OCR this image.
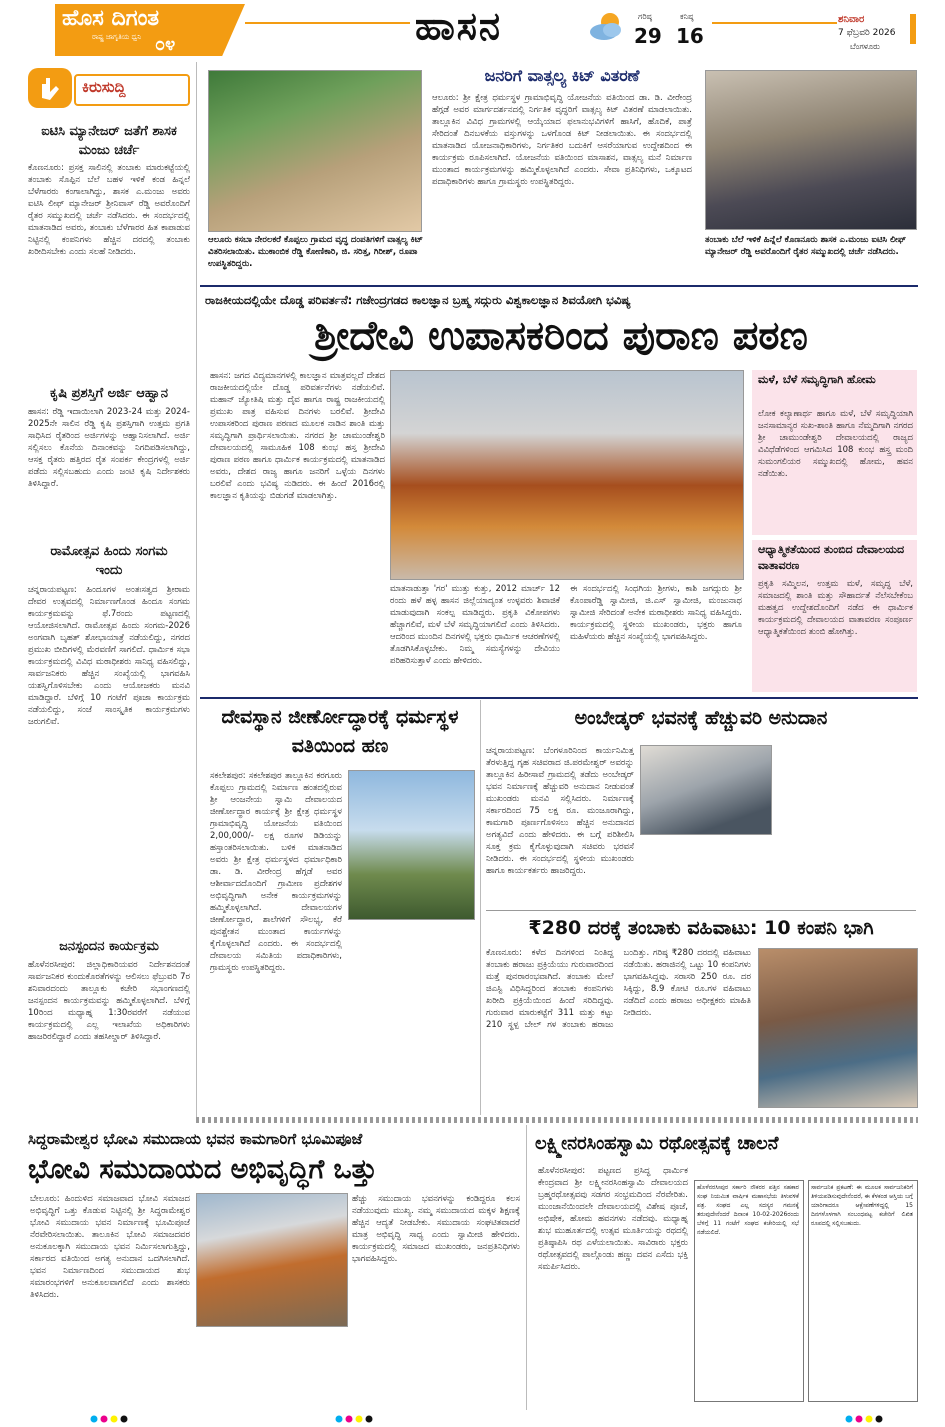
ಹೊಸ ದಿಗಂತ
ರಾಷ್ಟ್ರ ಜಾಗೃತಿಯ ಧ್ವನಿ ೦೪	ಹಾಸನ	ಗರಿಷ್ಠ
29
ಕನಿಷ್ಠ
16
ಶನಿವಾರ
7 ಫೆಬ್ರವರಿ 2026
ಬೆಂಗಳೂರು
ಕಿರುಸುದ್ದಿ
ಐಟಿಸಿ ಮ್ಯಾನೇಜರ್ ಜತೆಗೆ ಶಾಸಕ ಮಂಜು ಚರ್ಚೆ
ಕೊಣನೂರು: ಪ್ರಸಕ್ತ ಸಾಲಿನಲ್ಲಿ ತಂಬಾಕು ಮಾರುಕಟ್ಟೆಯಲ್ಲಿ ತಂಬಾಕು ಸೊಪ್ಪಿನ ಬೆಲೆ ಬಹಳ ಇಳಿಕೆ ಕಂಡ ಹಿನ್ನಲೆ ಬೆಳೆಗಾರರು ಕಂಗಾಲಾಗಿದ್ದು, ಶಾಸಕ ಎ.ಮಂಜು ಅವರು ಐಟಿಸಿ ಲೀಫ್ ಮ್ಯಾನೇಜರ್ ಶ್ರೀನಿವಾಸ್ ರೆಡ್ಡಿ ಅವರೊಂದಿಗೆ ರೈತರ ಸಮ್ಮುಖದಲ್ಲಿ ಚರ್ಚೆ ನಡೆಸಿದರು. ಈ ಸಂದರ್ಭದಲ್ಲಿ ಮಾತನಾಡಿದ ಅವರು, ತಂಬಾಕು ಬೆಳೆಗಾರರ ಹಿತ ಕಾಪಾಡುವ ನಿಟ್ಟಿನಲ್ಲಿ ಕಂಪನಿಗಳು ಹೆಚ್ಚಿನ ದರದಲ್ಲಿ ತಂಬಾಕು ಖರೀದಿಸಬೇಕು ಎಂದು ಸಲಹೆ ನೀಡಿದರು.
ಕೃಷಿ ಪ್ರಶಸ್ತಿಗೆ ಅರ್ಜಿ ಆಹ್ವಾನ
ಹಾಸನ: ರೆಡ್ಡಿ ಇದಾಯಿಲಾಗಿ 2023-24 ಮತ್ತು 2024-2025ನೇ ಸಾಲಿನ ರೆಡ್ಡಿ ಕೃಷಿ ಪ್ರಶಸ್ತಿಗಾಗಿ ಉತ್ತಮ ಪ್ರಗತಿ ಸಾಧಿಸಿದ ರೈತರಿಂದ ಅರ್ಜಿಗಳನ್ನು ಆಹ್ವಾನಿಸಲಾಗಿದೆ. ಅರ್ಜಿ ಸಲ್ಲಿಸಲು ಕೊನೆಯ ದಿನಾಂಕವನ್ನು ನಿಗದಿಪಡಿಸಲಾಗಿದ್ದು, ಆಸಕ್ತ ರೈತರು ಹತ್ತಿರದ ರೈತ ಸಂಪರ್ಕ ಕೇಂದ್ರಗಳಲ್ಲಿ ಅರ್ಜಿ ಪಡೆದು ಸಲ್ಲಿಸಬಹುದು ಎಂದು ಜಂಟಿ ಕೃಷಿ ನಿರ್ದೇಶಕರು ತಿಳಿಸಿದ್ದಾರೆ.
ರಾಮೋತ್ಸವ ಹಿಂದು ಸಂಗಮ ಇಂದು
ಚನ್ನರಾಯಪಟ್ಟಣ: ಹಿಂದೂಗಳ ಅಂತಃಸತ್ವದ ಶ್ರೀರಾಮ ದೇವರ ಉತ್ಸವದಲ್ಲಿ ನಿರ್ಮಾಣಗೊಂಡ ಹಿಂದೂ ಸಂಗಮ ಕಾರ್ಯಕ್ರಮವನ್ನು ಫೆ.7ರಂದು ಪಟ್ಟಣದಲ್ಲಿ ಆಯೋಜಿಸಲಾಗಿದೆ. ರಾಮೋತ್ಸವ ಹಿಂದು ಸಂಗಮ-2026 ಅಂಗವಾಗಿ ಬೃಹತ್ ಶೋಭಾಯಾತ್ರೆ ನಡೆಯಲಿದ್ದು, ನಗರದ ಪ್ರಮುಖ ಬೀದಿಗಳಲ್ಲಿ ಮೆರವಣಿಗೆ ಸಾಗಲಿದೆ. ಧಾರ್ಮಿಕ ಸಭಾ ಕಾರ್ಯಕ್ರಮದಲ್ಲಿ ವಿವಿಧ ಮಠಾಧೀಶರು ಸಾನಿಧ್ಯ ವಹಿಸಲಿದ್ದು, ಸಾರ್ವಜನಿಕರು ಹೆಚ್ಚಿನ ಸಂಖ್ಯೆಯಲ್ಲಿ ಭಾಗವಹಿಸಿ ಯಶಸ್ವಿಗೊಳಿಸಬೇಕು ಎಂದು ಆಯೋಜಕರು ಮನವಿ ಮಾಡಿದ್ದಾರೆ. ಬೆಳಿಗ್ಗೆ 10 ಗಂಟೆಗೆ ಪೂಜಾ ಕಾರ್ಯಕ್ರಮ ನಡೆಯಲಿದ್ದು, ಸಂಜೆ ಸಾಂಸ್ಕೃತಿಕ ಕಾರ್ಯಕ್ರಮಗಳು ಜರುಗಲಿವೆ.
ಜನಸ್ಪಂದನ ಕಾರ್ಯಕ್ರಮ
ಹೊಳೆನರಸೀಪುರ: ಜಿಲ್ಲಾಧಿಕಾರಿಯವರ ನಿರ್ದೇಶನದಂತೆ ಸಾರ್ವಜನಿಕರ ಕುಂದುಕೊರತೆಗಳನ್ನು ಆಲಿಸಲು ಫೆಬ್ರುವರಿ 7ರ ಶನಿವಾರದಂದು ತಾಲ್ಲೂಕು ಕಚೇರಿ ಸಭಾಂಗಣದಲ್ಲಿ ಜನಸ್ಪಂದನ ಕಾರ್ಯಕ್ರಮವನ್ನು ಹಮ್ಮಿಕೊಳ್ಳಲಾಗಿದೆ. ಬೆಳಿಗ್ಗೆ 10ರಿಂದ ಮಧ್ಯಾಹ್ನ 1:30ರವರೆಗೆ ನಡೆಯುವ ಕಾರ್ಯಕ್ರಮದಲ್ಲಿ ಎಲ್ಲ ಇಲಾಖೆಯ ಅಧಿಕಾರಿಗಳು ಹಾಜರಿರಲಿದ್ದಾರೆ ಎಂದು ತಹಸೀಲ್ದಾರ್ ತಿಳಿಸಿದ್ದಾರೆ.
ಆಲೂರು ಕಸಬಾ ನೇರಲಕರೆ ಕೊಪ್ಪಲು ಗ್ರಾಮದ ವೃದ್ಧ ದಂಪತಿಗಳಿಗೆ ವಾತ್ಸಲ್ಯ ಕಿಟ್ ವಿತರಿಸಲಾಯಿತು. ಮುಕಾಂಬಿಕ ರೆಡ್ಡಿ ಕೋಣಿಕಾರಿ, ಜಿ. ಸರಿತ್ತ, ಗಿರೀಶ್, ರೂಪಾ ಉಪಸ್ಥಿತರಿದ್ದರು.
ಜನರಿಗೆ ವಾತ್ಸಲ್ಯ ಕಿಟ್ ವಿತರಣೆ
ಆಲೂರು: ಶ್ರೀ ಕ್ಷೇತ್ರ ಧರ್ಮಸ್ಥಳ ಗ್ರಾಮಾಭಿವೃದ್ಧಿ ಯೋಜನೆಯ ವತಿಯಿಂದ ಡಾ. ಡಿ. ವೀರೇಂದ್ರ ಹೆಗ್ಗಡೆ ಅವರ ಮಾರ್ಗದರ್ಶನದಲ್ಲಿ ನಿರ್ಗತಿಕ ವೃದ್ಧರಿಗೆ ವಾತ್ಸಲ್ಯ ಕಿಟ್ ವಿತರಣೆ ಮಾಡಲಾಯಿತು. ತಾಲ್ಲೂಕಿನ ವಿವಿಧ ಗ್ರಾಮಗಳಲ್ಲಿ ಆಯ್ಕೆಯಾದ ಫಲಾನುಭವಿಗಳಿಗೆ ಹಾಸಿಗೆ, ಹೊದಿಕೆ, ಪಾತ್ರೆ ಸೇರಿದಂತೆ ದಿನಬಳಕೆಯ ವಸ್ತುಗಳನ್ನು ಒಳಗೊಂಡ ಕಿಟ್ ನೀಡಲಾಯಿತು. ಈ ಸಂದರ್ಭದಲ್ಲಿ ಮಾತನಾಡಿದ ಯೋಜನಾಧಿಕಾರಿಗಳು, ನಿರ್ಗತಿಕರ ಬದುಕಿಗೆ ಆಸರೆಯಾಗುವ ಉದ್ದೇಶದಿಂದ ಈ ಕಾರ್ಯಕ್ರಮ ರೂಪಿಸಲಾಗಿದೆ. ಯೋಜನೆಯ ವತಿಯಿಂದ ಮಾಸಾಶನ, ವಾತ್ಸಲ್ಯ ಮನೆ ನಿರ್ಮಾಣ ಮುಂತಾದ ಕಾರ್ಯಕ್ರಮಗಳನ್ನು ಹಮ್ಮಿಕೊಳ್ಳಲಾಗಿದೆ ಎಂದರು. ಸೇವಾ ಪ್ರತಿನಿಧಿಗಳು, ಒಕ್ಕೂಟದ ಪದಾಧಿಕಾರಿಗಳು ಹಾಗೂ ಗ್ರಾಮಸ್ಥರು ಉಪಸ್ಥಿತರಿದ್ದರು.
ತಂಬಾಕು ಬೆಲೆ ಇಳಿಕೆ ಹಿನ್ನೆಲೆ ಕೊಣನೂರು ಶಾಸಕ ಎ.ಮಂಜು ಐಟಿಸಿ ಲೀಫ್ ಮ್ಯಾನೇಜರ್ ರೆಡ್ಡಿ ಅವರೊಂದಿಗೆ ರೈತರ ಸಮ್ಮುಖದಲ್ಲಿ ಚರ್ಚೆ ನಡೆಸಿದರು.
ರಾಜಕೀಯದಲ್ಲಿಯೇ ದೊಡ್ಡ ಪರಿವರ್ತನೆ: ಗಜೇಂದ್ರಗಡದ ಕಾಲಜ್ಞಾನ ಬ್ರಹ್ಮ ಸದ್ಗುರು ವಿಶ್ವಕಾಲಜ್ಞಾನ ಶಿವಯೋಗಿ ಭವಿಷ್ಯ
ಶ್ರೀದೇವಿ ಉಪಾಸಕರಿಂದ ಪುರಾಣ ಪಠಣ
ಹಾಸನ: ಜಗದ ವಿದ್ಯಮಾನಗಳಲ್ಲಿ ಕಾಲಜ್ಞಾನ ಮಾತ್ರವಲ್ಲದೆ ದೇಶದ ರಾಜಕೀಯದಲ್ಲಿಯೇ ದೊಡ್ಡ ಪರಿವರ್ತನೆಗಳು ನಡೆಯಲಿವೆ. ಮಹಾನ್ ಜ್ಯೋತಿಷಿ ಮತ್ತು ದೈವ ಹಾಗೂ ರಾಷ್ಟ್ರ ರಾಜಕೀಯದಲ್ಲಿ ಪ್ರಮುಖ ಪಾತ್ರ ವಹಿಸುವ ದಿನಗಳು ಬರಲಿವೆ. ಶ್ರೀದೇವಿ ಉಪಾಸಕರಿಂದ ಪುರಾಣ ಪಠಣದ ಮೂಲಕ ನಾಡಿನ ಶಾಂತಿ ಮತ್ತು ಸಮೃದ್ಧಿಗಾಗಿ ಪ್ರಾರ್ಥಿಸಲಾಯಿತು. ನಗರದ ಶ್ರೀ ಚಾಮುಂಡೇಶ್ವರಿ ದೇವಾಲಯದಲ್ಲಿ ಸಾಮೂಹಿಕ 108 ಕುಂಭ ಹಸ್ತ ಶ್ರೀದೇವಿ ಪುರಾಣ ಪಠಣ ಹಾಗೂ ಧಾರ್ಮಿಕ ಕಾರ್ಯಕ್ರಮದಲ್ಲಿ ಮಾತನಾಡಿದ ಅವರು, ದೇಶದ ರಾಜ್ಯ ಹಾಗೂ ಜನರಿಗೆ ಒಳ್ಳೆಯ ದಿನಗಳು ಬರಲಿವೆ ಎಂದು ಭವಿಷ್ಯ ನುಡಿದರು. ಈ ಹಿಂದೆ 2016ರಲ್ಲಿ ಕಾಲಜ್ಞಾನ ಕೃತಿಯನ್ನು ಬಿಡುಗಡೆ ಮಾಡಲಾಗಿತ್ತು.
ಮಾತನಾಡುತ್ತಾ 'ಗರ' ಮುತ್ತು ಕುತ್ತು, 2012 ಮಾರ್ಚ್ 12 ರಂದು ಹಳೆ ಹಳ್ಳ ಹಾಸನ ಜಿಲ್ಲೆಯಾದ್ಯಂತ ಉಳ್ಳವರು ಶಿವಾಜಿಕೆ ಮಾಡುವುದಾಗಿ ಸಂಕಲ್ಪ ಮಾಡಿದ್ದರು. ಪ್ರಕೃತಿ ವಿಕೋಪಗಳು ಹೆಚ್ಚಾಗಲಿವೆ, ಮಳೆ ಬೆಳೆ ಸಮೃದ್ಧಿಯಾಗಲಿದೆ ಎಂದು ತಿಳಿಸಿದರು. ಆದರಿಂದ ಮುಂದಿನ ದಿನಗಳಲ್ಲಿ ಭಕ್ತರು ಧಾರ್ಮಿಕ ಆಚರಣೆಗಳಲ್ಲಿ ತೊಡಗಿಸಿಕೊಳ್ಳಬೇಕು. ನಿಮ್ಮ ಸಮಸ್ಯೆಗಳನ್ನು ದೇವಿಯು ಪರಿಹರಿಸುತ್ತಾಳೆ ಎಂದು ಹೇಳಿದರು.
ಈ ಸಂದರ್ಭದಲ್ಲಿ ಸಿಂಧಗಿಯ ಶ್ರೀಗಳು, ಕಾಶಿ ಜಗದ್ಗುರು ಶ್ರೀ ಕೊಂಪಾರೆಡ್ಡಿ ಸ್ವಾಮೀಜಿ, ಜಿ.ಎಸ್ ಸ್ವಾಮೀಜಿ, ಮಂಜುನಾಥ ಸ್ವಾಮೀಜಿ ಸೇರಿದಂತೆ ಅನೇಕ ಮಠಾಧೀಶರು ಸಾನಿಧ್ಯ ವಹಿಸಿದ್ದರು. ಕಾರ್ಯಕ್ರಮದಲ್ಲಿ ಸ್ಥಳೀಯ ಮುಖಂಡರು, ಭಕ್ತರು ಹಾಗೂ ಮಹಿಳೆಯರು ಹೆಚ್ಚಿನ ಸಂಖ್ಯೆಯಲ್ಲಿ ಭಾಗವಹಿಸಿದ್ದರು.
ಮಳೆ, ಬೆಳೆ ಸಮೃದ್ಧಿಗಾಗಿ ಹೋಮ
ಲೋಕ ಕಲ್ಯಾಣಾರ್ಥ ಹಾಗೂ ಮಳೆ, ಬೆಳೆ ಸಮೃದ್ಧಿಯಾಗಿ ಜನಸಾಮಾನ್ಯರ ಸುಖ-ಶಾಂತಿ ಹಾಗೂ ನೆಮ್ಮದಿಗಾಗಿ ನಗರದ ಶ್ರೀ ಚಾಮುಂಡೇಶ್ವರಿ ದೇವಾಲಯದಲ್ಲಿ ರಾಜ್ಯದ ವಿವಿಧೆಡೆಗಳಿಂದ ಆಗಮಿಸಿದ 108 ಕುಂಭ ಹಸ್ತ್ರ ಮಂದಿ ಸುಮಂಗಲಿಯರ ಸಮ್ಮುಖದಲ್ಲಿ ಹೋಮ, ಹವನ ನಡೆಯಿತು.
ಆಧ್ಯಾತ್ಮಿಕತೆಯಿಂದ ತುಂಬಿದ ದೇವಾಲಯದ ವಾತಾವರಣ
ಪ್ರಕೃತಿ ಸಮ್ಮಿಲನ, ಉತ್ತಮ ಮಳೆ, ಸಮೃದ್ಧ ಬೆಳೆ, ಸಮಾಜದಲ್ಲಿ ಶಾಂತಿ ಮತ್ತು ಸೌಹಾರ್ದತೆ ನೆಲೆಸಬೇಕೆಂಬ ಮಹತ್ವದ ಉದ್ದೇಶದೊಂದಿಗೆ ನಡೆದ ಈ ಧಾರ್ಮಿಕ ಕಾರ್ಯಕ್ರಮದಲ್ಲಿ ದೇವಾಲಯದ ವಾತಾವರಣ ಸಂಪೂರ್ಣ ಆಧ್ಯಾತ್ಮಿಕತೆಯಿಂದ ತುಂಬಿ ಹೋಗಿತ್ತು.
ದೇವಸ್ಥಾನ ಜೀರ್ಣೋದ್ಧಾರಕ್ಕೆ ಧರ್ಮಸ್ಥಳ ವತಿಯಿಂದ ಹಣ
ಸಕಲೇಶಪುರ: ಸಕಲೇಶಪುರ ತಾಲ್ಲೂಕಿನ ಕರಗೂರು ಕೊಪ್ಪಲು ಗ್ರಾಮದಲ್ಲಿ ನಿರ್ಮಾಣ ಹಂತದಲ್ಲಿರುವ ಶ್ರೀ ಆಂಜನೇಯ ಸ್ವಾಮಿ ದೇವಾಲಯದ ಜೀರ್ಣೋದ್ಧಾರ ಕಾರ್ಯಕ್ಕೆ ಶ್ರೀ ಕ್ಷೇತ್ರ ಧರ್ಮಸ್ಥಳ ಗ್ರಾಮಾಭಿವೃದ್ಧಿ ಯೋಜನೆಯ ವತಿಯಿಂದ 2,00,000/- ಲಕ್ಷ ರೂಗಳ ಡಿಡಿಯನ್ನು ಹಸ್ತಾಂತರಿಸಲಾಯಿತು. ಬಳಿಕ ಮಾತನಾಡಿದ ಅವರು ಶ್ರೀ ಕ್ಷೇತ್ರ ಧರ್ಮಸ್ಥಳದ ಧರ್ಮಾಧಿಕಾರಿ ಡಾ. ಡಿ. ವೀರೇಂದ್ರ ಹೆಗ್ಗಡೆ ಅವರ ಆಶೀರ್ವಾದದೊಂದಿಗೆ ಗ್ರಾಮೀಣ ಪ್ರದೇಶಗಳ ಅಭಿವೃದ್ಧಿಗಾಗಿ ಅನೇಕ ಕಾರ್ಯಕ್ರಮಗಳನ್ನು ಹಮ್ಮಿಕೊಳ್ಳಲಾಗಿದೆ. ದೇವಾಲಯಗಳ ಜೀರ್ಣೋದ್ಧಾರ, ಶಾಲೆಗಳಿಗೆ ಸೌಲಭ್ಯ, ಕೆರೆ ಪುನಶ್ಚೇತನ ಮುಂತಾದ ಕಾರ್ಯಗಳನ್ನು ಕೈಗೊಳ್ಳಲಾಗಿದೆ ಎಂದರು. ಈ ಸಂದರ್ಭದಲ್ಲಿ ದೇವಾಲಯ ಸಮಿತಿಯ ಪದಾಧಿಕಾರಿಗಳು, ಗ್ರಾಮಸ್ಥರು ಉಪಸ್ಥಿತರಿದ್ದರು.
ಅಂಬೇಡ್ಕರ್ ಭವನಕ್ಕೆ ಹೆಚ್ಚುವರಿ ಅನುದಾನ
ಚನ್ನರಾಯಪಟ್ಟಣ: ಬೆಂಗಳೂರಿನಿಂದ ಕಾರ್ಯನಿಮಿತ್ತ ತೆರಳುತ್ತಿದ್ದ ಗೃಹ ಸಚಿವರಾದ ಜಿ.ಪರಮೇಶ್ವರ್ ಅವರನ್ನು ತಾಲ್ಲೂಕಿನ ಹಿರೀಸಾವೆ ಗ್ರಾಮದಲ್ಲಿ ತಡೆದು ಅಂಬೇಡ್ಕರ್ ಭವನ ನಿರ್ಮಾಣಕ್ಕೆ ಹೆಚ್ಚುವರಿ ಅನುದಾನ ನೀಡುವಂತೆ ಮುಖಂಡರು ಮನವಿ ಸಲ್ಲಿಸಿದರು. ನಿರ್ಮಾಣಕ್ಕೆ ಸರ್ಕಾರದಿಂದ 75 ಲಕ್ಷ ರೂ. ಮಂಜೂರಾಗಿದ್ದು, ಕಾಮಗಾರಿ ಪೂರ್ಣಗೊಳಿಸಲು ಹೆಚ್ಚಿನ ಅನುದಾನದ ಅಗತ್ಯವಿದೆ ಎಂದು ಹೇಳಿದರು. ಈ ಬಗ್ಗೆ ಪರಿಶೀಲಿಸಿ ಸೂಕ್ತ ಕ್ರಮ ಕೈಗೊಳ್ಳುವುದಾಗಿ ಸಚಿವರು ಭರವಸೆ ನೀಡಿದರು. ಈ ಸಂದರ್ಭದಲ್ಲಿ ಸ್ಥಳೀಯ ಮುಖಂಡರು ಹಾಗೂ ಕಾರ್ಯಕರ್ತರು ಹಾಜರಿದ್ದರು.
₹280 ದರಕ್ಕೆ ತಂಬಾಕು ವಹಿವಾಟು: 10 ಕಂಪನಿ ಭಾಗಿ
ಕೊಣನೂರು: ಕಳೆದ ದಿನಗಳಿಂದ ನಿಂತಿದ್ದ ತಂಬಾಕು ಹರಾಜು ಪ್ರಕ್ರಿಯೆಯು ಗುರುವಾರದಿಂದ ಮತ್ತೆ ಪುನರಾರಂಭವಾಗಿದೆ. ತಂಬಾಕು ಮೇಲೆ ಜಿಎಸ್ಟಿ ವಿಧಿಸಿದ್ದರಿಂದ ತಂಬಾಕು ಕಂಪನಿಗಳು ಖರೀದಿ ಪ್ರಕ್ರಿಯೆಯಿಂದ ಹಿಂದೆ ಸರಿದಿದ್ದವು. ಗುರುವಾರ ಮಾರುಕಟ್ಟೆಗೆ 311 ಮತ್ತು ಕಟ್ಟು 210 ಸ್ಥಳ್ಪ ಬೇಲ್ ಗಳ ತಂಬಾಕು ಹರಾಜು ಬಂದಿತ್ತು. ಗರಿಷ್ಠ ₹280 ದರದಲ್ಲಿ ವಹಿವಾಟು ನಡೆಯಿತು. ಹರಾಜಿನಲ್ಲಿ ಒಟ್ಟು 10 ಕಂಪನಿಗಳು ಭಾಗವಹಿಸಿದ್ದವು. ಸರಾಸರಿ 250 ರೂ. ದರ ಸಿಕ್ಕಿದ್ದು, 8.9 ಕೋಟಿ ರೂ.ಗಳ ವಹಿವಾಟು ನಡೆದಿದೆ ಎಂದು ಹರಾಜು ಅಧೀಕ್ಷಕರು ಮಾಹಿತಿ ನೀಡಿದರು.
ಸಿದ್ಧರಾಮೇಶ್ವರ ಭೋವಿ ಸಮುದಾಯ ಭವನ ಕಾಮಗಾರಿಗೆ ಭೂಮಿಪೂಜೆ
ಭೋವಿ ಸಮುದಾಯದ ಅಭಿವೃದ್ಧಿಗೆ ಒತ್ತು
ಬೇಲೂರು: ಹಿಂದುಳಿದ ಸಮಾಜವಾದ ಭೋವಿ ಸಮಾಜದ ಅಭಿವೃದ್ಧಿಗೆ ಒತ್ತು ಕೊಡುವ ನಿಟ್ಟಿನಲ್ಲಿ ಶ್ರೀ ಸಿದ್ಧರಾಮೇಶ್ವರ ಭೋವಿ ಸಮುದಾಯ ಭವನ ನಿರ್ಮಾಣಕ್ಕೆ ಭೂಮಿಪೂಜೆ ನೆರವೇರಿಸಲಾಯಿತು. ತಾಲೂಕಿನ ಭೋವಿ ಸಮಾಜದವರ ಅನುಕೂಲಕ್ಕಾಗಿ ಸಮುದಾಯ ಭವನ ನಿರ್ಮಿಸಲಾಗುತ್ತಿದ್ದು, ಸರ್ಕಾರದ ವತಿಯಿಂದ ಅಗತ್ಯ ಅನುದಾನ ಒದಗಿಸಲಾಗಿದೆ. ಭವನ ನಿರ್ಮಾಣದಿಂದ ಸಮುದಾಯದ ಶುಭ ಸಮಾರಂಭಗಳಿಗೆ ಅನುಕೂಲವಾಗಲಿದೆ ಎಂದು ಶಾಸಕರು ತಿಳಿಸಿದರು.
ಹೆಚ್ಚು ಸಮುದಾಯ ಭವನಗಳನ್ನು ಕಂಡಿದ್ದರೂ ಕಲಸ ನಡೆಯುವುದು ಮುಖ್ಯ. ನಮ್ಮ ಸಮುದಾಯದ ಮಕ್ಕಳ ಶಿಕ್ಷಣಕ್ಕೆ ಹೆಚ್ಚಿನ ಆದ್ಯತೆ ನೀಡಬೇಕು. ಸಮುದಾಯ ಸಂಘಟಿತವಾದರೆ ಮಾತ್ರ ಅಭಿವೃದ್ಧಿ ಸಾಧ್ಯ ಎಂದು ಸ್ವಾಮೀಜಿ ಹೇಳಿದರು. ಕಾರ್ಯಕ್ರಮದಲ್ಲಿ ಸಮಾಜದ ಮುಖಂಡರು, ಜನಪ್ರತಿನಿಧಿಗಳು ಭಾಗವಹಿಸಿದ್ದರು.
ಲಕ್ಷ್ಮೀನರಸಿಂಹಸ್ವಾಮಿ ರಥೋತ್ಸವಕ್ಕೆ ಚಾಲನೆ
ಹೊಳೆನರಸೀಪುರ: ಪಟ್ಟಣದ ಪ್ರಸಿದ್ಧ ಧಾರ್ಮಿಕ ಕೇಂದ್ರವಾದ ಶ್ರೀ ಲಕ್ಷ್ಮೀನರಸಿಂಹಸ್ವಾಮಿ ದೇವಾಲಯದ ಬ್ರಹ್ಮರಥೋತ್ಸವವು ಸಡಗರ ಸಂಭ್ರಮದಿಂದ ನೆರವೇರಿತು. ಮುಂಜಾನೆಯಿಂದಲೇ ದೇವಾಲಯದಲ್ಲಿ ವಿಶೇಷ ಪೂಜೆ, ಅಭಿಷೇಕ, ಹೋಮ ಹವನಗಳು ನಡೆದವು. ಮಧ್ಯಾಹ್ನ ಶುಭ ಮುಹೂರ್ತದಲ್ಲಿ ಉತ್ಸವ ಮೂರ್ತಿಯನ್ನು ರಥದಲ್ಲಿ ಪ್ರತಿಷ್ಠಾಪಿಸಿ ರಥ ಎಳೆಯಲಾಯಿತು. ಸಾವಿರಾರು ಭಕ್ತರು ರಥೋತ್ಸವದಲ್ಲಿ ಪಾಲ್ಗೊಂಡು ಹಣ್ಣು ದವನ ಎಸೆದು ಭಕ್ತಿ ಸಮರ್ಪಿಸಿದರು.
ಹೊಳೆನರಸೀಪುರ ಸರ್ಕಾರಿ ನೌಕರರ ಪತ್ತಿನ ಸಹಕಾರ ಸಂಘ ನಿಯಮಿತ ವಾರ್ಷಿಕ ಮಹಾಸಭೆಯ ತಿಳುವಳಿಕೆ ಪತ್ರ. ಸಂಘದ ಎಲ್ಲ ಸದಸ್ಯರ ಗಮನಕ್ಕೆ ತರುವುದೇನೆಂದರೆ ದಿನಾಂಕ 10-02-2026ರಂದು ಬೆಳಿಗ್ಗೆ 11 ಗಂಟೆಗೆ ಸಂಘದ ಕಚೇರಿಯಲ್ಲಿ ಸಭೆ ನಡೆಯಲಿದೆ.
ಸಾರ್ವಜನಿಕ ಪ್ರಕಟಣೆ: ಈ ಮೂಲಕ ಸಾರ್ವಜನಿಕರಿಗೆ ತಿಳಿಯಪಡಿಸುವುದೇನೆಂದರೆ, ಈ ಕೆಳಕಂಡ ಆಸ್ತಿಯ ಬಗ್ಗೆ ಯಾರಿಗಾದರೂ ಆಕ್ಷೇಪಣೆಗಳಿದ್ದಲ್ಲಿ 15 ದಿನಗಳೊಳಗಾಗಿ ಸಂಬಂಧಪಟ್ಟ ಕಚೇರಿಗೆ ಲಿಖಿತ ರೂಪದಲ್ಲಿ ಸಲ್ಲಿಸಬಹುದು.
